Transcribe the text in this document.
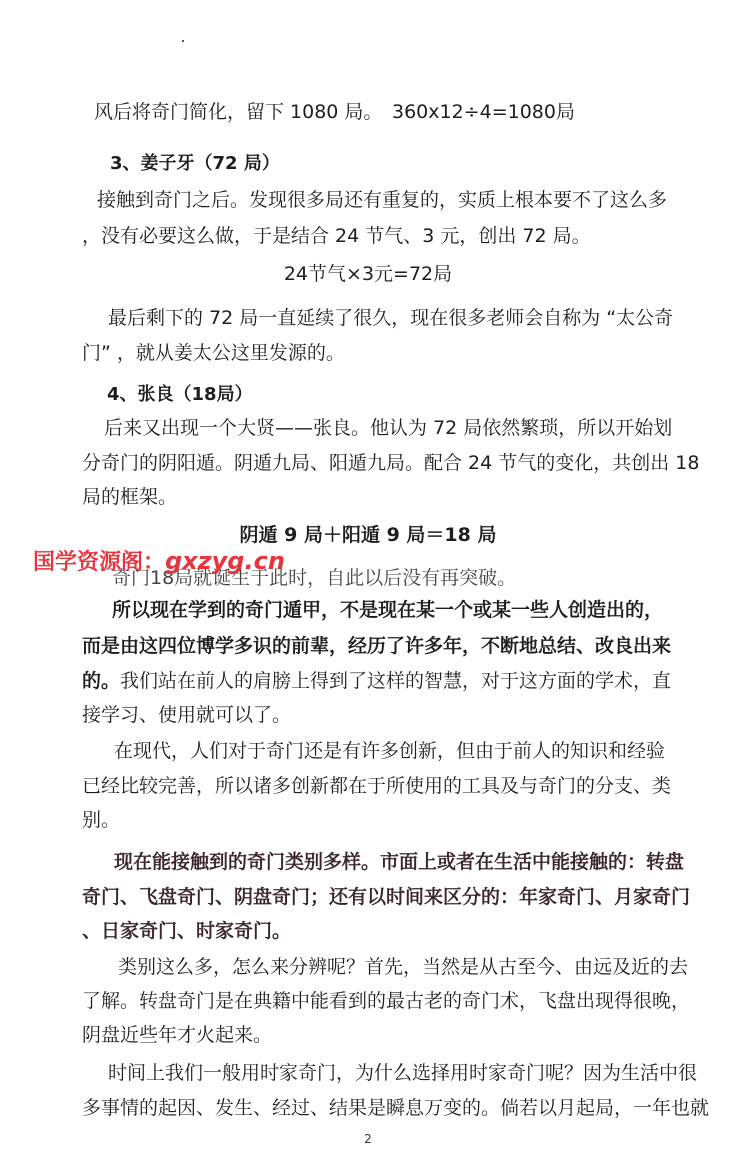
风后将奇门简化，留下 1080 局。 360x12÷4=1080局
3、姜子牙（72 局）
接触到奇门之后。发现很多局还有重复的，实质上根本要不了这么多
，没有必要这么做，于是结合 24 节气、3 元，创出 72 局。
24节气×3元=72局
最后剩下的 72 局一直延续了很久，现在很多老师会自称为 “太公奇
门” ，就从姜太公这里发源的。
4、张良（18局）
后来又出现一个大贤——张良。他认为 72 局依然繁琐，所以开始划
分奇门的阴阳遁。阴遁九局、阳遁九局。配合 24 节气的变化，共创出 18
局的框架。
阴遁 9 局＋阳遁 9 局＝18 局
奇门18局就诞生于此时，自此以后没有再突破。
国学资源阁：gxzyg.cn
所以现在学到的奇门遁甲，不是现在某一个或某一些人创造出的，
而是由这四位博学多识的前辈，经历了许多年，不断地总结、改良出来
的。我们站在前人的肩膀上得到了这样的智慧，对于这方面的学术，直
接学习、使用就可以了。
在现代，人们对于奇门还是有许多创新，但由于前人的知识和经验
已经比较完善，所以诸多创新都在于所使用的工具及与奇门的分支、类
别。
现在能接触到的奇门类别多样。市面上或者在生活中能接触的：转盘
奇门、飞盘奇门、阴盘奇门；还有以时间来区分的：年家奇门、月家奇门
、日家奇门、时家奇门。
类别这么多，怎么来分辨呢？首先，当然是从古至今、由远及近的去
了解。转盘奇门是在典籍中能看到的最古老的奇门术，飞盘出现得很晚，
阴盘近些年才火起来。
时间上我们一般用时家奇门，为什么选择用时家奇门呢？因为生活中很
多事情的起因、发生、经过、结果是瞬息万变的。倘若以月起局，一年也就
2
